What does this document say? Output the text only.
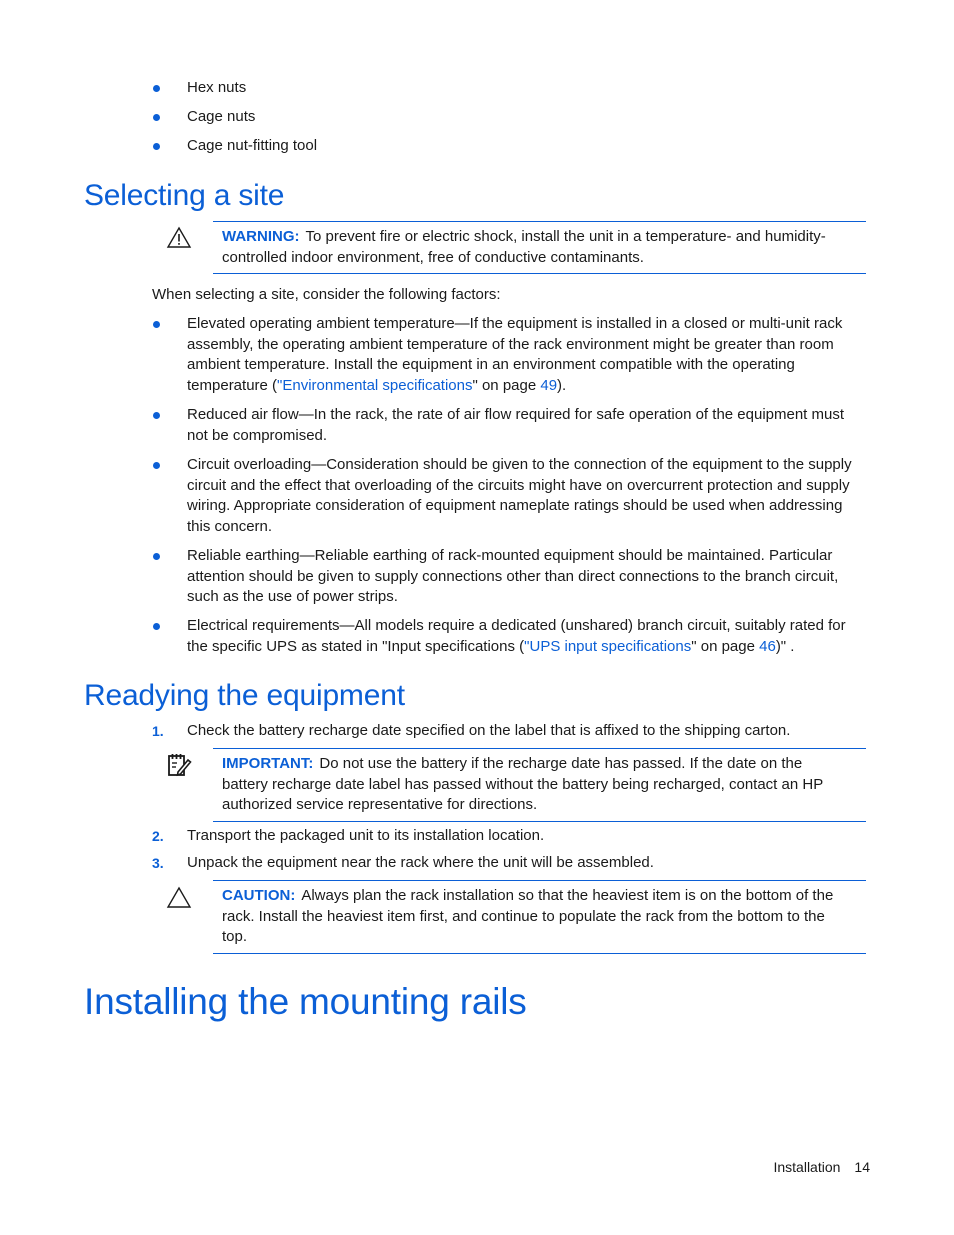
Hex nuts
Cage nuts
Cage nut-fitting tool
Selecting a site
WARNING: To prevent fire or electric shock, install the unit in a temperature- and humidity-controlled indoor environment, free of conductive contaminants.

When selecting a site, consider the following factors:

Elevated operating ambient temperature—If the equipment is installed in a closed or multi-unit rack assembly, the operating ambient temperature of the rack environment might be greater than room ambient temperature. Install the equipment in an environment compatible with the operating temperature ("Environmental specifications" on page 49).
Reduced air flow—In the rack, the rate of air flow required for safe operation of the equipment must not be compromised.
Circuit overloading—Consideration should be given to the connection of the equipment to the supply circuit and the effect that overloading of the circuits might have on overcurrent protection and supply wiring. Appropriate consideration of equipment nameplate ratings should be used when addressing this concern.
Reliable earthing—Reliable earthing of rack-mounted equipment should be maintained. Particular attention should be given to supply connections other than direct connections to the branch circuit, such as the use of power strips.
Electrical requirements—All models require a dedicated (unshared) branch circuit, suitably rated for the specific UPS as stated in "Input specifications ("UPS input specifications" on page 46)" .
Readying the equipment
1. Check the battery recharge date specified on the label that is affixed to the shipping carton.
IMPORTANT: Do not use the battery if the recharge date has passed. If the date on the battery recharge date label has passed without the battery being recharged, contact an HP authorized service representative for directions.
2. Transport the packaged unit to its installation location.
3. Unpack the equipment near the rack where the unit will be assembled.
CAUTION: Always plan the rack installation so that the heaviest item is on the bottom of the rack. Install the heaviest item first, and continue to populate the rack from the bottom to the top.
Installing the mounting rails
Installation 14
